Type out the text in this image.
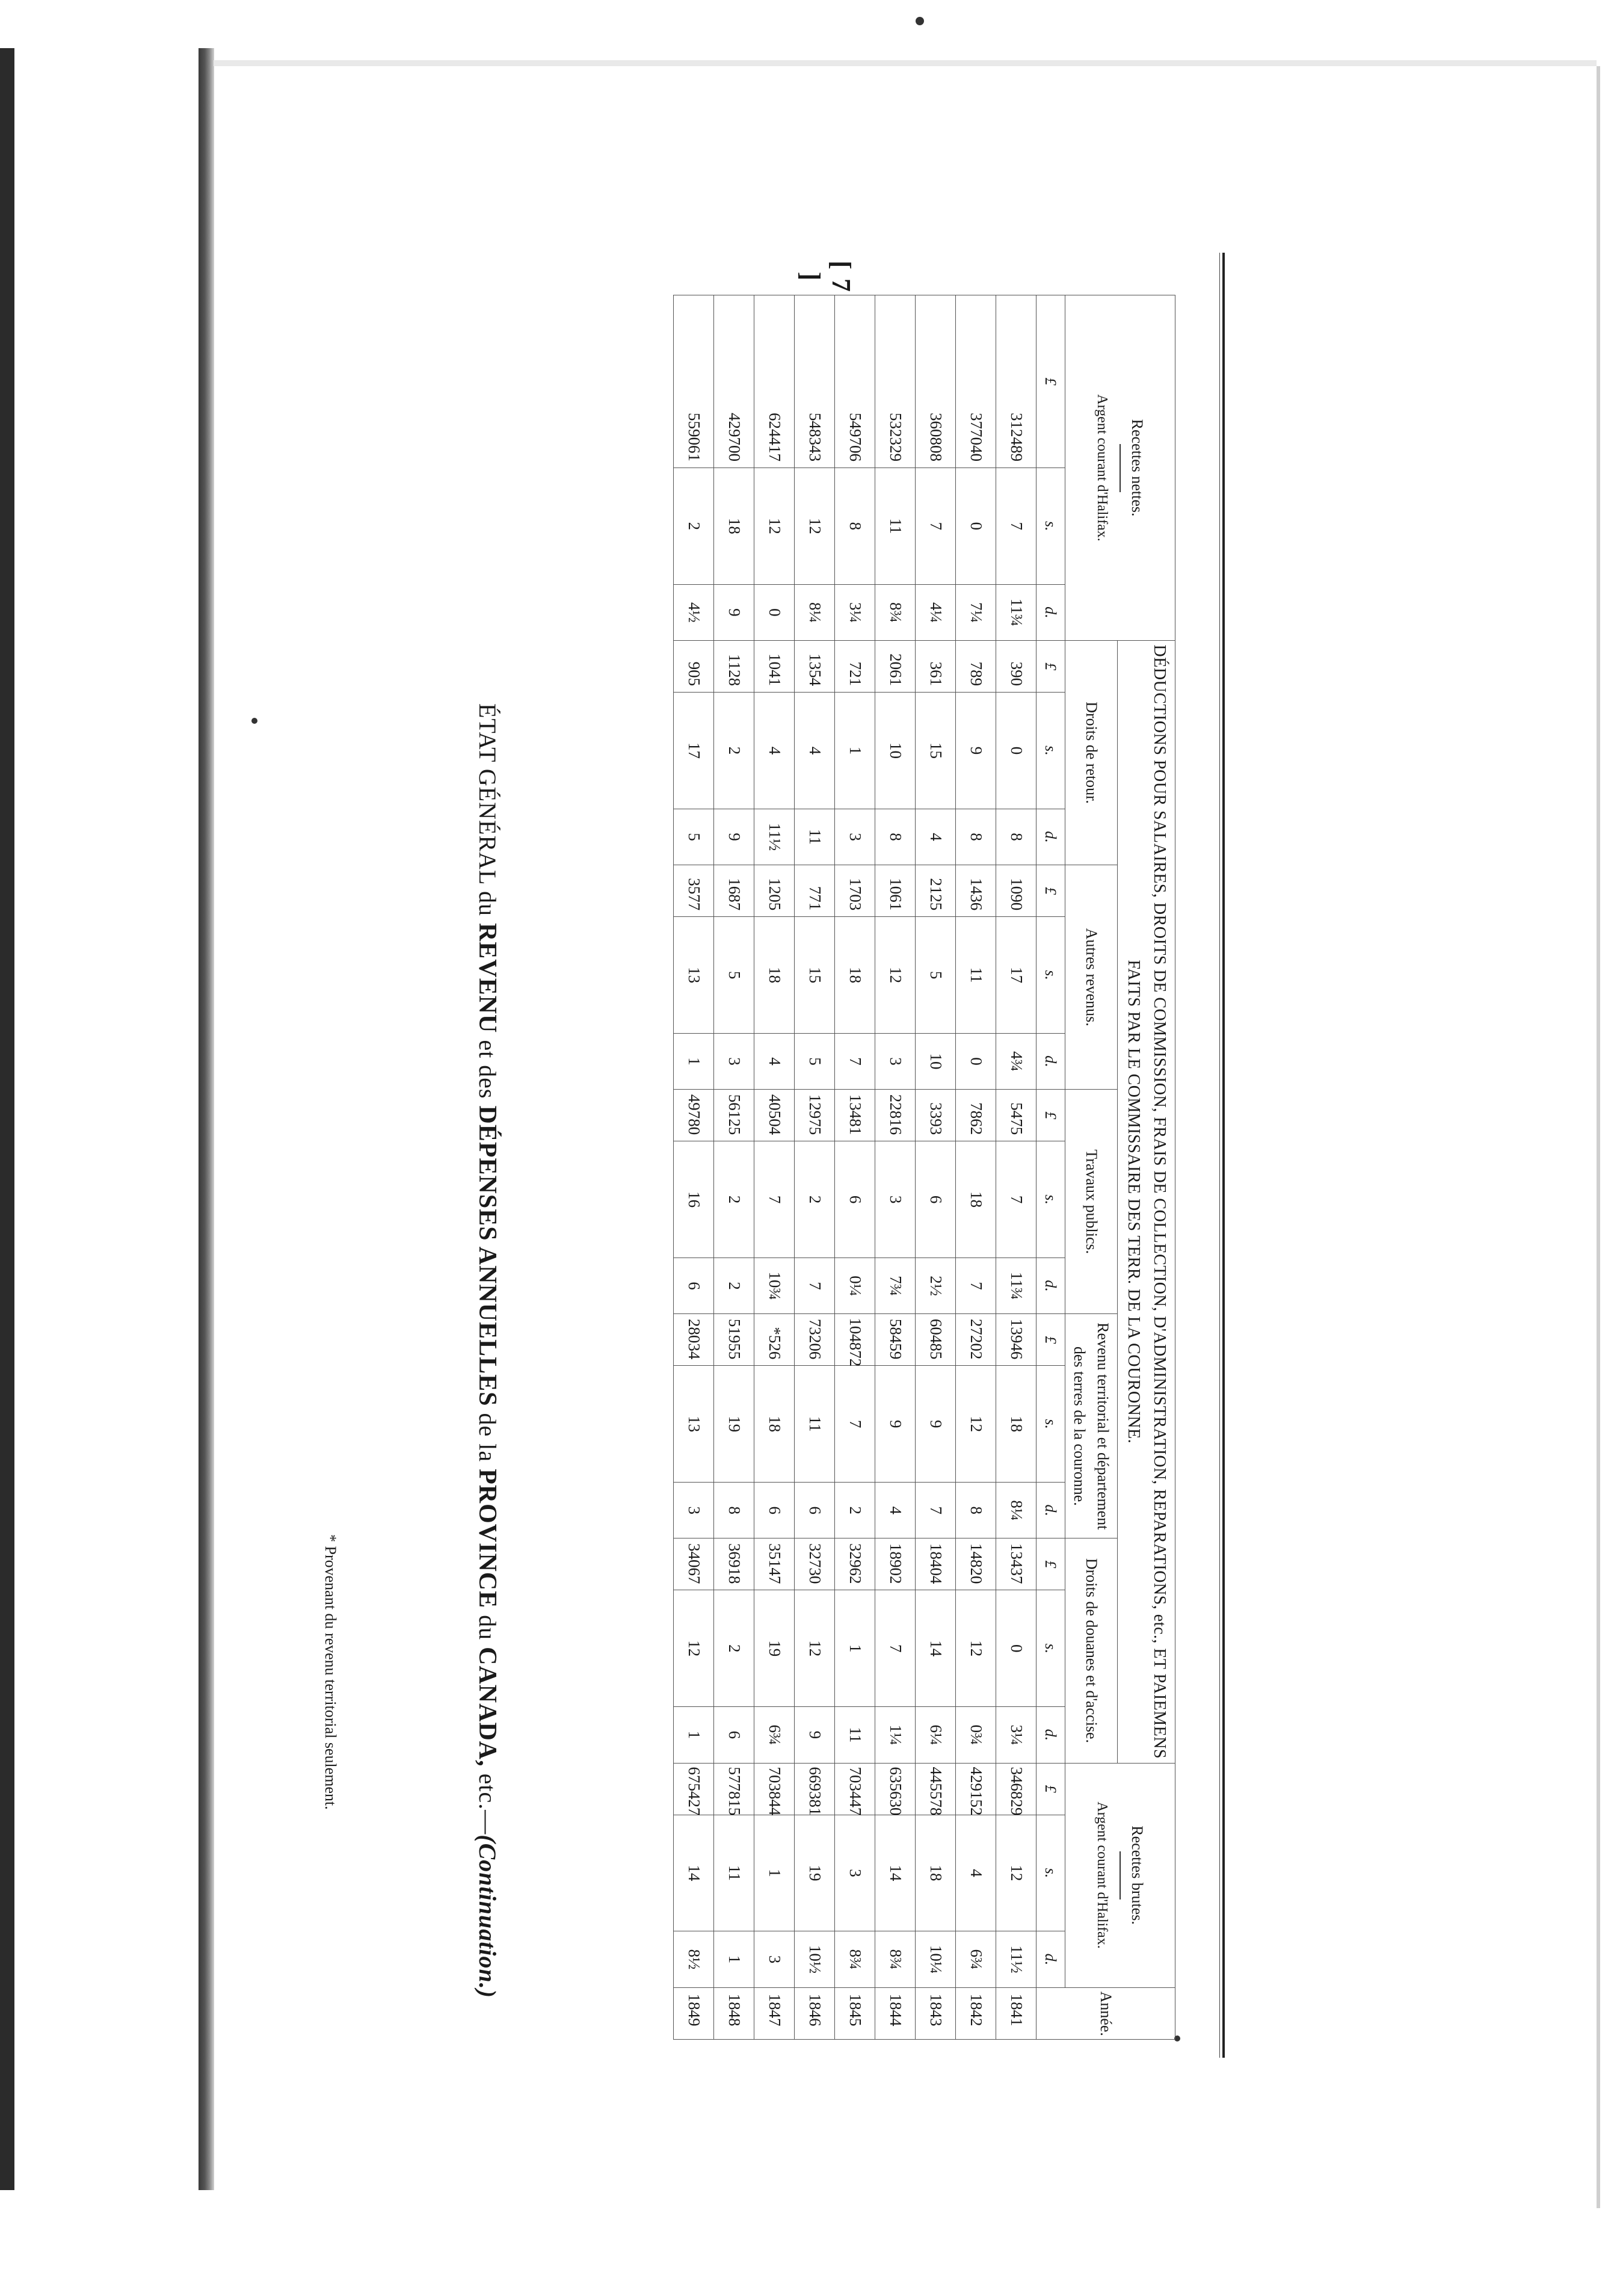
[ 7 ]
Recettes nettes.
Argent courant d'Halifax.			DÉDUCTIONS POUR SALAIRES, DROITS DE COMMISSION, FRAIS DE COLLECTION, D'ADMINISTRATION, REPARATIONS, etc., ET PAIEMENS FAITS PAR LE COMMISSAIRE DES TERR. DE LA COURONNE.															Recettes brutes.
Argent courant d'Halifax.			Année.
			Droits de retour.			Autres revenus.			Travaux publics.			Revenu territorial et département des terres de la couronne.			Droits de douanes et d'accise.						
£	s.	d.	£	s.	d.	£	s.	d.	£	s.	d.	£	s.	d.	£	s.	d.	£	s.	d.	
312489	7	11¾	390	0	8	1090	17	4¾	5475	7	11¾	13946	18	8¼	13437	0	3¼	346829	12	11½	1841
377040	0	7¼	789	9	8	1436	11	0	7862	18	7	27202	12	8	14820	12	0¾	429152	4	6¾	1842
360808	7	4¼	361	15	4	2125	5	10	3393	6	2½	60485	9	7	18404	14	6¼	445578	18	10¼	1843
532329	11	8¾	2061	10	8	1061	12	3	22816	3	7¾	58459	9	4	18902	7	1¼	635630	14	8¾	1844
549706	8	3¼	721	1	3	1703	18	7	13481	6	0¼	104872	7	2	32962	1	11	703447	3	8¾	1845
548343	12	8¼	1354	4	11	771	15	5	12975	2	7	73206	11	6	32730	12	9	669381	19	10½	1846
624417	12	0	1041	4	11½	1205	18	4	40504	7	10¾	*526	18	6	35147	19	6¾	703844	1	3	1847
429700	18	9	1128	2	9	1687	5	3	56125	2	2	51955	19	8	36918	2	6	577815	11	1	1848
559061	2	4½	905	17	5	3577	13	1	49780	16	6	28034	13	3	34067	12	1	675427	14	8½	1849
ÉTAT GÉNÉRAL du REVENU et des DÉPENSES ANNUELLES de la PROVINCE du CANADA, etc.—(Continuation.)
* Provenant du revenu territorial seulement.
